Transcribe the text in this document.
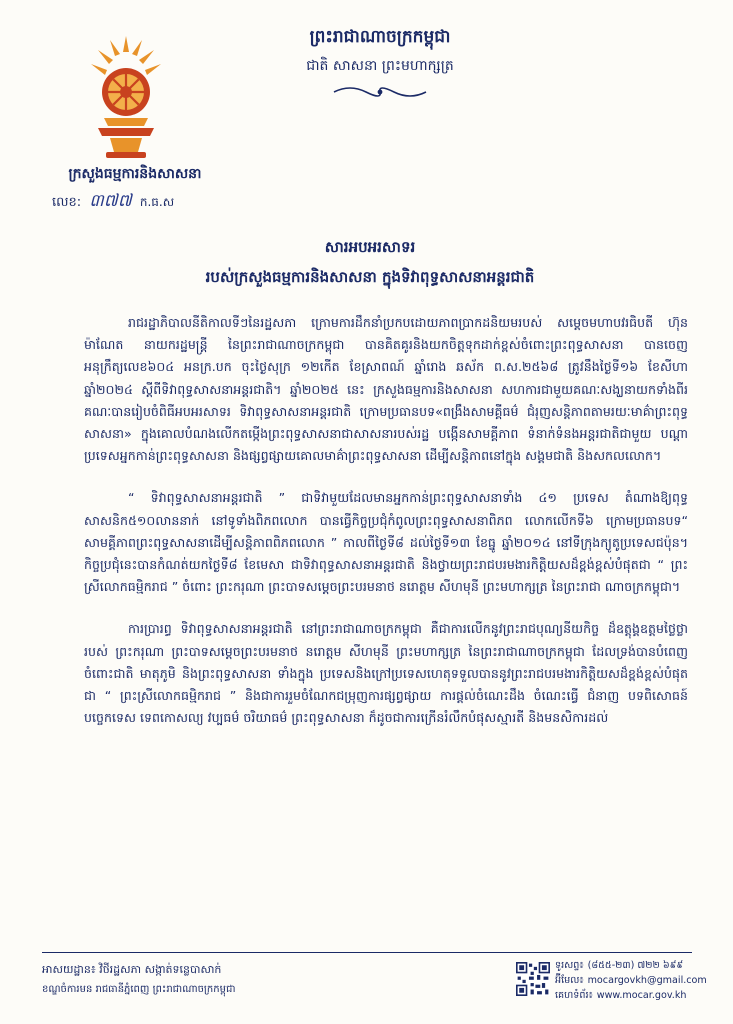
ព្រះរាជាណាចក្រកម្ពុជា
ជាតិ សាសនា ព្រះមហាក្សត្រ
ក្រសួងធម្មការនិងសាសនា
លេខ: ៣៧៧ ក.ធ.ស
សារអបអរសាទរ
របស់ក្រសួងធម្មការនិងសាសនា ក្នុងទិវាពុទ្ធសាសនាអន្តរជាតិ

រាជរដ្ឋាភិបាលនីតិកាលទីៗនៃរដ្ឋសភា ក្រោមការដឹកនាំប្រកបដោយភាពប្រាកដនិយមរបស់ សម្តេចមហាបវរធិបតី ហ៊ុន ម៉ាណែត នាយករដ្ឋមន្ត្រី នៃព្រះរាជាណាចក្រកម្ពុជា បានគិតគូរនិងយកចិត្តទុកដាក់ខ្ពស់ចំពោះព្រះពុទ្ធសាសនា បានចេញ អនុក្រឹត្យលេខ៦០៤ អនក្រ.បក ចុះថ្ងៃសុក្រ ១២កើត ខែស្រាពណ៍ ឆ្នាំរោង ឆស័ក ព.ស.២៥៦៨ ត្រូវនឹងថ្ងៃទី១៦ ខែសីហា ឆ្នាំ២០២៤ ស្តីពីទិវាពុទ្ធសាសនាអន្តរជាតិ។ ឆ្នាំ២០២៥ នេះ ក្រសួងធម្មការនិងសាសនា សហការជាមួយគណៈសង្ឃនាយកទាំងពីរគណៈបានរៀបចំពិធីអបអរសាទរ ទិវាពុទ្ធសាសនាអន្តរជាតិ ក្រោមប្រធានបទ«ពង្រឹងសាមគ្គីធម៌ ជំរុញសន្តិភាពតាមរយៈមាគ៌ាព្រះពុទ្ធសាសនា» ក្នុងគោលបំណងលើកតម្កើងព្រះពុទ្ធសាសនាជាសាសនារបស់រដ្ឋ បង្កើនសាមគ្គីភាព ទំនាក់ទំនងអន្តរជាតិជាមួយ បណ្តាប្រទេសអ្នកកាន់ព្រះពុទ្ធសាសនា និងផ្សព្វផ្សាយគោលមាគ៌ាព្រះពុទ្ធសាសនា ដើម្បីសន្តិភាពនៅក្នុង សង្គមជាតិ និងសកលលោក។

“ ទិវាពុទ្ធសាសនាអន្តរជាតិ ” ជាទិវាមួយដែលមានអ្នកកាន់ព្រះពុទ្ធសាសនាទាំង ៤១ ប្រទេស តំណាងឱ្យពុទ្ធសាសនិក៥១០លាននាក់ នៅទូទាំងពិភពលោក បានធ្វើកិច្ចប្រជុំកំពូលព្រះពុទ្ធសាសនាពិភព លោកលើកទី៦ ក្រោមប្រធានបទ“ សាមគ្គីភាពព្រះពុទ្ធសាសនាដើម្បីសន្តិភាពពិភពលោក ” កាលពីថ្ងៃទី៨ ដល់ថ្ងៃទី១៣ ខែធ្នូ ឆ្នាំ២០១៤ នៅទីក្រុងក្យូតូប្រទេសជប៉ុន។ កិច្ចប្រជុំនេះបានកំណត់យកថ្ងៃទី៨ ខែមេសា ជាទិវាពុទ្ធសាសនាអន្តរជាតិ និងថ្វាយព្រះរាជបរមងារកិត្តិយសដ៏ខ្ពង់ខ្ពស់បំផុតជា “ ព្រះស្រីលោកធម្មិករាជ ” ចំពោះ ព្រះករុណា ព្រះបាទសម្តេចព្រះបរមនាថ នរោត្តម សីហមុនី ព្រះមហាក្សត្រ នៃព្រះរាជា ណាចក្រកម្ពុជា។

ការប្រារព្ធ ទិវាពុទ្ធសាសនាអន្តរជាតិ នៅព្រះរាជាណាចក្រកម្ពុជា គឺជាការលើកនូវព្រះរាជបុណ្យនីយកិច្ច ដ៏ឧត្តុង្គឧត្តមថ្លៃថ្លារបស់ ព្រះករុណា ព្រះបាទសម្តេចព្រះបរមនាថ នរោត្តម សីហមុនី ព្រះមហាក្សត្រ នៃព្រះរាជាណាចក្រកម្ពុជា ដែលទ្រង់បានបំពេញចំពោះជាតិ មាតុភូមិ និងព្រះពុទ្ធសាសនា ទាំងក្នុង ប្រទេសនិងក្រៅប្រទេសហេតុទទួលបាននូវព្រះរាជបរមងារកិត្តិយសដ៏ខ្ពង់ខ្ពស់បំផុតជា “ ព្រះស្រីលោកធម្មិករាជ ” និងជាការរួមចំណែកជម្រុញការផ្សព្វផ្សាយ ការផ្តល់ចំណេះដឹង ចំណេះធ្វើ ជំនាញ បទពិសោធន៍ បច្ចេកទេស ទេពកោសល្យ វប្បធម៌ ចរិយាធម៌ ព្រះពុទ្ធសាសនា ក៏ដូចជាការក្រើនរំលឹកបំផុសស្មារតី និងមនសិការដល់

អាសយដ្ឋាន៖ វិថីរដ្ឋសភា សង្កាត់ទន្លេបាសាក់
ខណ្ឌចំការមន រាជធានីភ្នំពេញ ព្រះរាជាណាចក្រកម្ពុជា
ទូរសព្ទ៖ (៨៥៥-២៣) ៧២២ ៦៩៩
អ៊ីមែល៖ mocargovkh@gmail.com
គេហទំព័រ៖ www.mocar.gov.kh
